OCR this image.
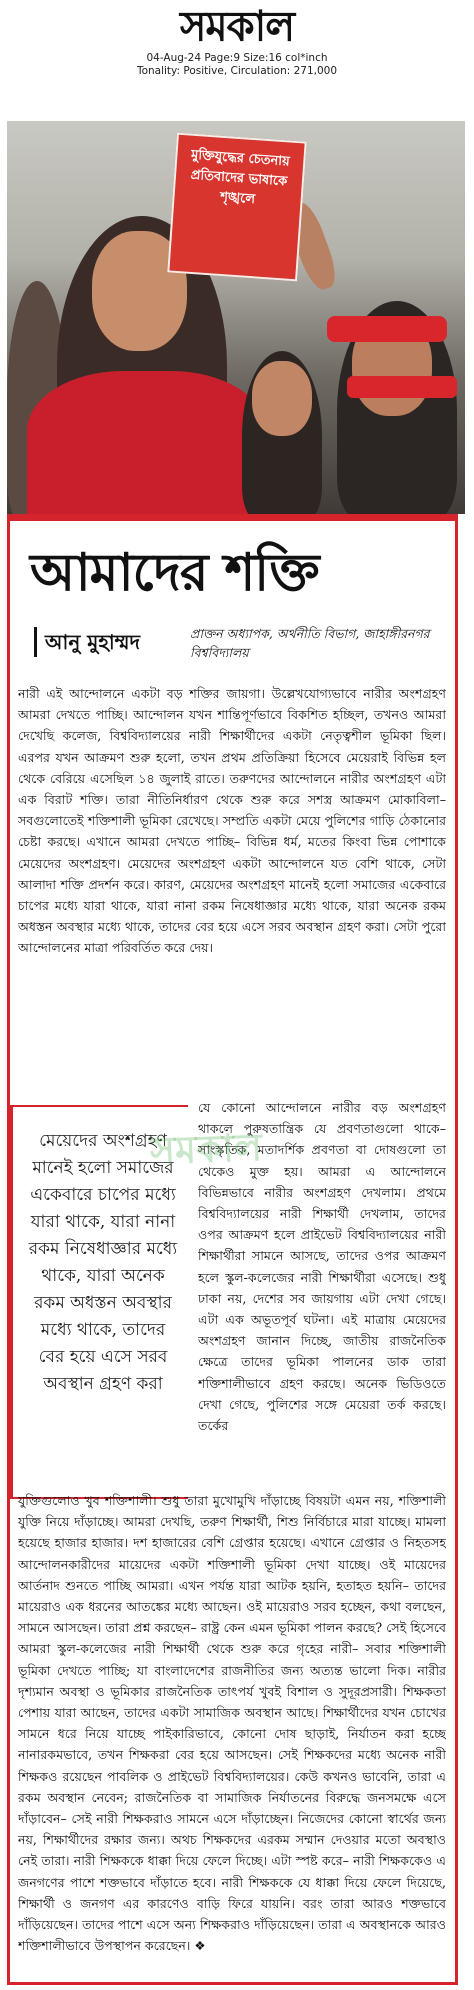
সমকাল
04-Aug-24 Page:9 Size:16 col*inch
Tonality: Positive, Circulation: 271,000
মুক্তিযুদ্ধের চেতনায় প্রতিবাদের ভাষাকে শৃঙ্খলে
আমাদের শক্তি
আনু মুহাম্মদ	প্রাক্তন অধ্যাপক, অর্থনীতি বিভাগ, জাহাঙ্গীরনগর বিশ্ববিদ্যালয়

নারী এই আন্দোলনে একটা বড় শক্তির জায়গা। উল্লেখযোগ্যভাবে নারীর অংশগ্রহণ আমরা দেখতে পাচ্ছি। আন্দোলন যখন শান্তিপূর্ণভাবে বিকশিত হচ্ছিল, তখনও আমরা দেখেছি কলেজ, বিশ্ববিদ্যালয়ের নারী শিক্ষার্থীদের একটা নেতৃত্বশীল ভূমিকা ছিল। এরপর যখন আক্রমণ শুরু হলো, তখন প্রথম প্রতিক্রিয়া হিসেবে মেয়েরাই বিভিন্ন হল থেকে বেরিয়ে এসেছিল ১৪ জুলাই রাতে। তরুণদের আন্দোলনে নারীর অংশগ্রহণ এটা এক বিরাট শক্তি। তারা নীতিনির্ধারণ থেকে শুরু করে সশস্ত্র আক্রমণ মোকাবিলা– সবগুলোতেই শক্তিশালী ভূমিকা রেখেছে। সম্প্রতি একটা মেয়ে পুলিশের গাড়ি ঠেকানোর চেষ্টা করছে। এখানে আমরা দেখতে পাচ্ছি– বিভিন্ন ধর্ম, মতের কিংবা ভিন্ন পোশাকে মেয়েদের অংশগ্রহণ। মেয়েদের অংশগ্রহণ একটা আন্দোলনে যত বেশি থাকে, সেটা আলাদা শক্তি প্রদর্শন করে। কারণ, মেয়েদের অংশগ্রহণ মানেই হলো সমাজের একেবারে চাপের মধ্যে যারা থাকে, যারা নানা রকম নিষেধাজ্ঞার মধ্যে থাকে, যারা অনেক রকম অধস্তন অবস্থার মধ্যে থাকে, তাদের বের হয়ে এসে সরব অবস্থান গ্রহণ করা। সেটা পুরো আন্দোলনের মাত্রা পরিবর্তিত করে দেয়।

মেয়েদের অংশগ্রহণ মানেই হলো সমাজের একেবারে চাপের মধ্যে যারা থাকে, যারা নানা রকম নিষেধাজ্ঞার মধ্যে থাকে, যারা অনেক রকম অধস্তন অবস্থার মধ্যে থাকে, তাদের বের হয়ে এসে সরব অবস্থান গ্রহণ করা

যে কোনো আন্দোলনে নারীর বড় অংশগ্রহণ থাকলে পুরুষতান্ত্রিক যে প্রবণতাগুলো থাকে– সাংস্কৃতিক, মতাদর্শিক প্রবণতা বা দোষগুলো তা থেকেও মুক্ত হয়। আমরা এ আন্দোলনে বিভিন্নভাবে নারীর অংশগ্রহণ দেখলাম। প্রথমে বিশ্ববিদ্যালয়ের নারী শিক্ষার্থী দেখলাম, তাদের ওপর আক্রমণ হলে প্রাইভেট বিশ্ববিদ্যালয়ের নারী শিক্ষার্থীরা সামনে আসছে, তাদের ওপর আক্রমণ হলে স্কুল-কলেজের নারী শিক্ষার্থীরা এসেছে। শুধু ঢাকা নয়, দেশের সব জায়গায় এটা দেখা গেছে। এটা এক অভূতপূর্ব ঘটনা। এই মাত্রায় মেয়েদের অংশগ্রহণ জানান দিচ্ছে, জাতীয় রাজনৈতিক ক্ষেত্রে তাদের ভূমিকা পালনের ডাক তারা শক্তিশালীভাবে গ্রহণ করছে। অনেক ভিডিওতে দেখা গেছে, পুলিশের সঙ্গে মেয়েরা তর্ক করছে। তর্কের

সমকাল

যুক্তিগুলোও খুব শক্তিশালী। শুধু তারা মুখোমুখি দাঁড়াচ্ছে বিষয়টা এমন নয়, শক্তিশালী যুক্তি নিয়ে দাঁড়াচ্ছে। আমরা দেখছি, তরুণ শিক্ষার্থী, শিশু নির্বিচারে মারা যাচ্ছে। মামলা হয়েছে হাজার হাজার। দশ হাজারের বেশি গ্রেপ্তার হয়েছে। এখানে গ্রেপ্তার ও নিহতসহ আন্দোলনকারীদের মায়েদের একটা শক্তিশালী ভূমিকা দেখা যাচ্ছে। ওই মায়েদের আর্তনাদ শুনতে পাচ্ছি আমরা। এখন পর্যন্ত যারা আটক হয়নি, হতাহত হয়নি– তাদের মায়েরাও এক ধরনের আতঙ্কের মধ্যে আছেন। ওই মায়েরাও সরব হচ্ছেন, কথা বলছেন, সামনে আসছেন। তারা প্রশ্ন করছেন– রাষ্ট্র কেন এমন ভূমিকা পালন করছে? সেই হিসেবে আমরা স্কুল-কলেজের নারী শিক্ষার্থী থেকে শুরু করে গৃহের নারী– সবার শক্তিশালী ভূমিকা দেখতে পাচ্ছি; যা বাংলাদেশের রাজনীতির জন্য অত্যন্ত ভালো দিক। নারীর দৃশ্যমান অবস্থা ও ভূমিকার রাজনৈতিক তাৎপর্য খুবই বিশাল ও সুদূরপ্রসারী। শিক্ষকতা পেশায় যারা আছেন, তাদের একটা সামাজিক অবস্থান আছে। শিক্ষার্থীদের যখন চোখের সামনে ধরে নিয়ে যাচ্ছে পাইকারিভাবে, কোনো দোষ ছাড়াই, নির্যাতন করা হচ্ছে নানারকমভাবে, তখন শিক্ষকরা বের হয়ে আসছেন। সেই শিক্ষকদের মধ্যে অনেক নারী শিক্ষকও রয়েছেন পাবলিক ও প্রাইভেট বিশ্ববিদ্যালয়ের। কেউ কখনও ভাবেনি, তারা এ রকম অবস্থান নেবেন; রাজনৈতিক বা সামাজিক নির্যাতনের বিরুদ্ধে জনসমক্ষে এসে দাঁড়াবেন– সেই নারী শিক্ষকরাও সামনে এসে দাঁড়াচ্ছেন। নিজেদের কোনো স্বার্থের জন্য নয়, শিক্ষার্থীদের রক্ষার জন্য। অথচ শিক্ষকদের এরকম সম্মান দেওয়ার মতো অবস্থাও নেই তারা। নারী শিক্ষককে ধাক্কা দিয়ে ফেলে দিচ্ছে। এটা স্পষ্ট করে– নারী শিক্ষককেও এ জনগণের পাশে শক্তভাবে দাঁড়াতে হবে। নারী শিক্ষককে যে ধাক্কা দিয়ে ফেলে দিয়েছে, শিক্ষার্থী ও জনগণ এর কারণেও বাড়ি ফিরে যায়নি। বরং তারা আরও শক্তভাবে দাঁড়িয়েছেন। তাদের পাশে এসে অন্য শিক্ষকরাও দাঁড়িয়েছেন। তারা এ অবস্থানকে আরও শক্তিশালীভাবে উপস্থাপন করেছেন। ❖
